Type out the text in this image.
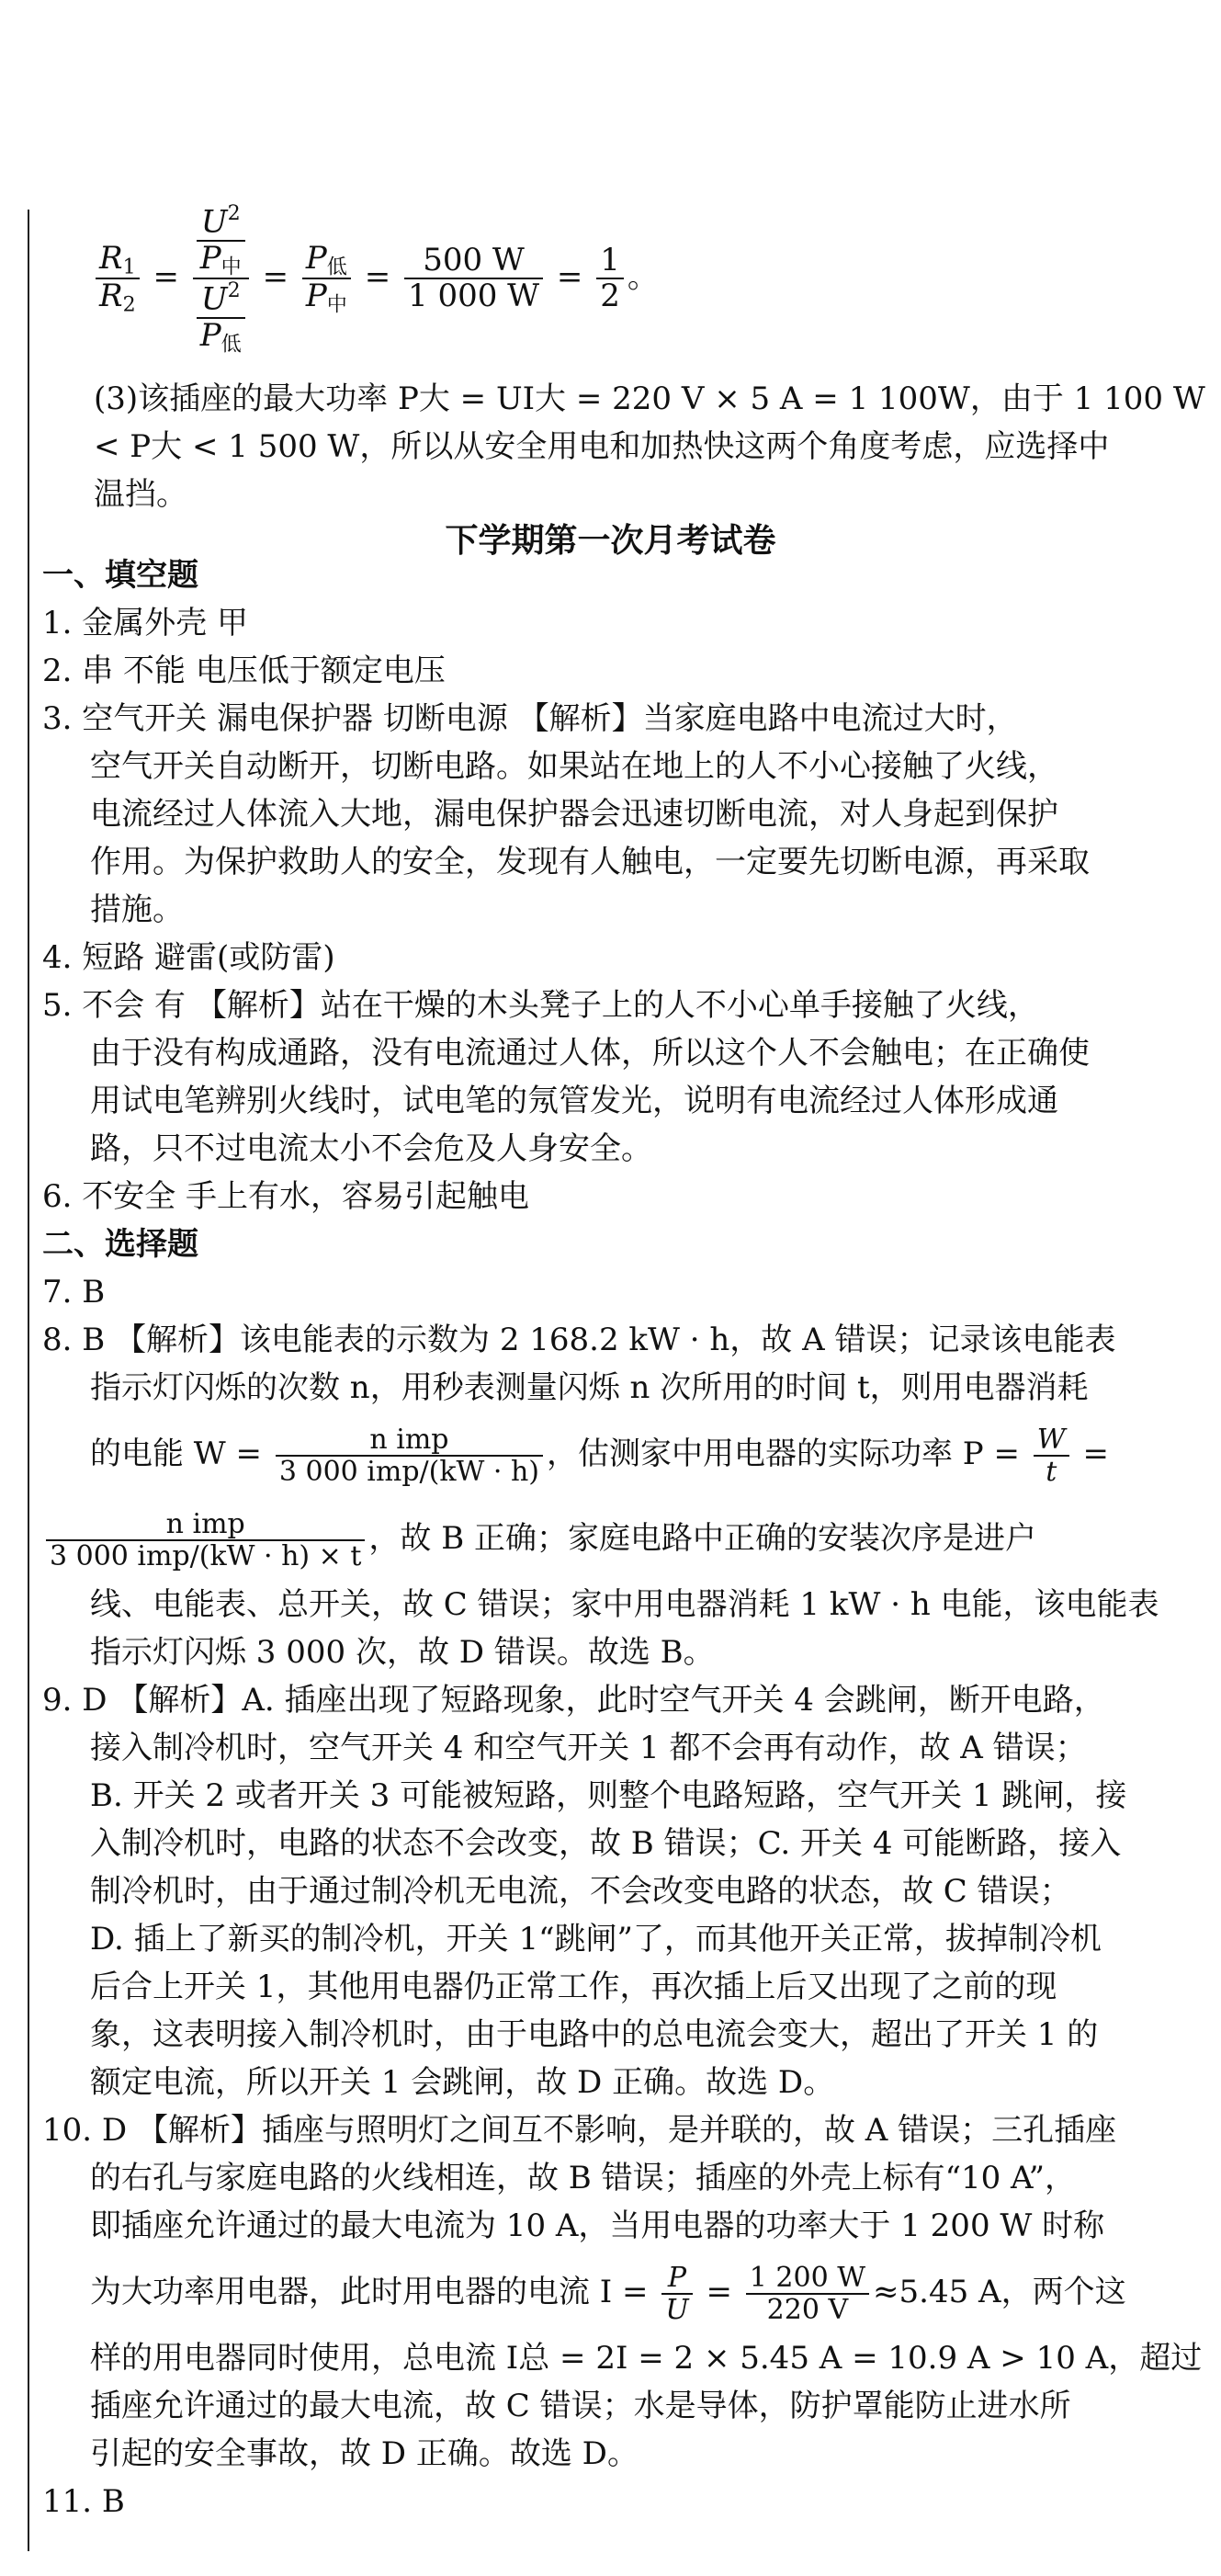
$\frac{R_1}{R_2} = \frac{\frac{U^2}{P_中}}{\frac{U^2}{P_低}} = \frac{P_低}{P_中} = \frac{500 W}{1 000 W} = \frac{1}{2}$ 。
(3)该插座的最大功率 P大 = UI大 = 220 V × 5 A = 1 100W，由于 1 100 W
< P大 < 1 500 W，所以从安全用电和加热快这两个角度考虑，应选择中
温挡。
下学期第一次月考试卷
一、填空题
1. 金属外壳 甲
2. 串 不能 电压低于额定电压
3. 空气开关 漏电保护器 切断电源 【解析】当家庭电路中电流过大时，
空气开关自动断开，切断电路。如果站在地上的人不小心接触了火线，
电流经过人体流入大地，漏电保护器会迅速切断电流，对人身起到保护
作用。为保护救助人的安全，发现有人触电，一定要先切断电源，再采取
措施。
4. 短路 避雷(或防雷)
5. 不会 有 【解析】站在干燥的木头凳子上的人不小心单手接触了火线，
由于没有构成通路，没有电流通过人体，所以这个人不会触电；在正确使
用试电笔辨别火线时，试电笔的氖管发光，说明有电流经过人体形成通
路，只不过电流太小不会危及人身安全。
6. 不安全 手上有水，容易引起触电
二、选择题
7. B
8. B 【解析】该电能表的示数为 2 168.2 kW · h，故 A 错误；记录该电能表
指示灯闪烁的次数 n，用秒表测量闪烁 n 次所用的时间 t，则用电器消耗
的电能 $W = \frac{\text{n imp}}{\text{3 000 imp/(kW · h)}}$ ，估测家中用电器的实际功率 $P = \frac{W}{t}$ =
$\frac{\text{n imp}}{\text{3 000 imp/(kW · h) × t}}$ ，故 B 正确；家庭电路中正确的安装次序是进户
线、电能表、总开关，故 C 错误；家中用电器消耗 1 kW · h 电能，该电能表
指示灯闪烁 3 000 次，故 D 错误。故选 B。
9. D 【解析】A. 插座出现了短路现象，此时空气开关 4 会跳闸，断开电路，
接入制冷机时，空气开关 4 和空气开关 1 都不会再有动作，故 A 错误；
B. 开关 2 或者开关 3 可能被短路，则整个电路短路，空气开关 1 跳闸，接
入制冷机时，电路的状态不会改变，故 B 错误；C. 开关 4 可能断路，接入
制冷机时，由于通过制冷机无电流，不会改变电路的状态，故 C 错误；
D. 插上了新买的制冷机，开关 1“跳闸”了，而其他开关正常，拔掉制冷机
后合上开关 1，其他用电器仍正常工作，再次插上后又出现了之前的现
象，这表明接入制冷机时，由于电路中的总电流会变大，超出了开关 1 的
额定电流，所以开关 1 会跳闸，故 D 正确。故选 D。
10. D 【解析】插座与照明灯之间互不影响，是并联的，故 A 错误；三孔插座
的右孔与家庭电路的火线相连，故 B 错误；插座的外壳上标有“10 A”，
即插座允许通过的最大电流为 10 A，当用电器的功率大于 1 200 W 时称
为大功率用电器，此时用电器的电流 $I = \frac{P}{U} = \frac{1 200 W}{220 V} \approx 5.45$ A，两个这
样的用电器同时使用，总电流 I总 = 2I = 2 × 5.45 A = 10.9 A > 10 A，超过
插座允许通过的最大电流，故 C 错误；水是导体，防护罩能防止进水所
引起的安全事故，故 D 正确。故选 D。
11. B
